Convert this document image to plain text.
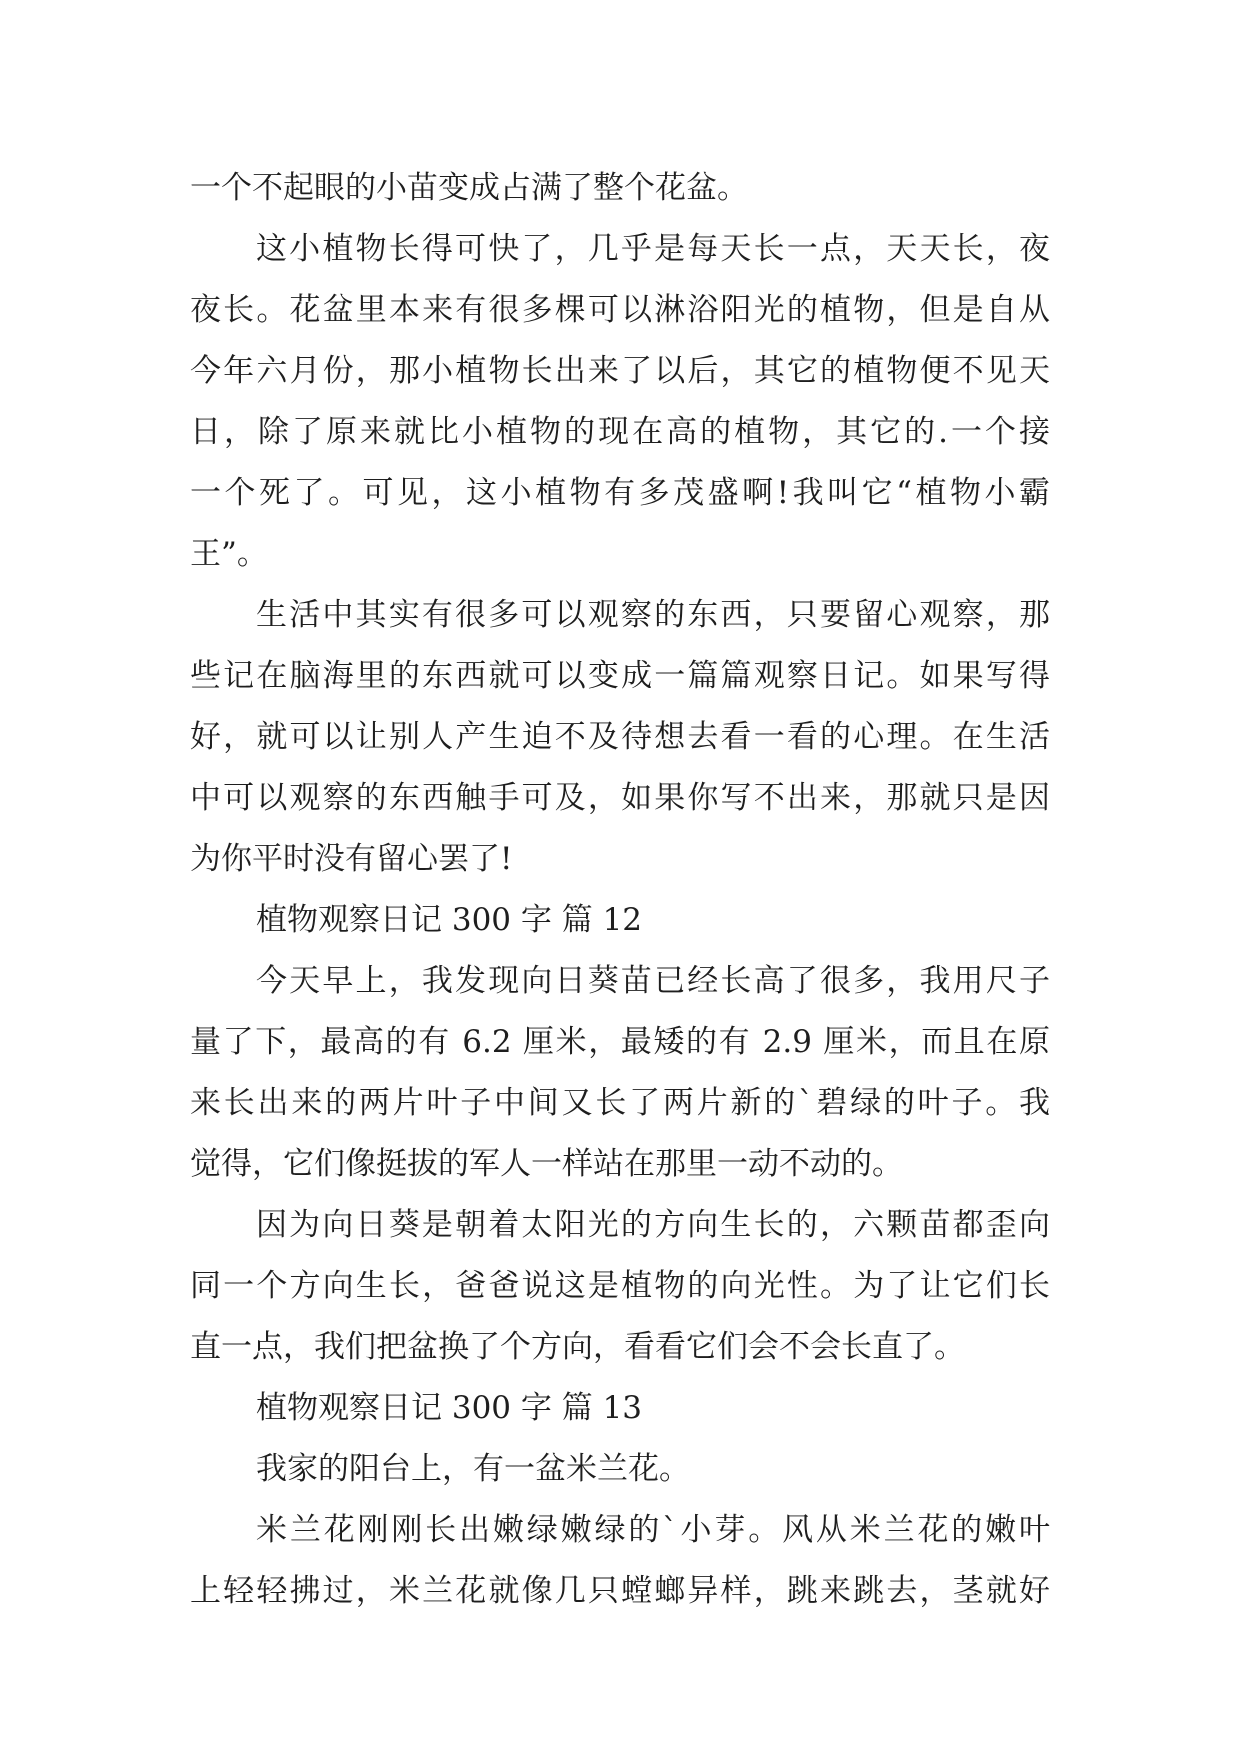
一个不起眼的小苗变成占满了整个花盆。
这小植物长得可快了，几乎是每天长一点，天天长，夜
夜长。花盆里本来有很多棵可以淋浴阳光的植物，但是自从
今年六月份，那小植物长出来了以后，其它的植物便不见天
日，除了原来就比小植物的现在高的植物，其它的.一个接
一个死了。可见，这小植物有多茂盛啊!我叫它“植物小霸
王”。
生活中其实有很多可以观察的东西，只要留心观察，那
些记在脑海里的东西就可以变成一篇篇观察日记。如果写得
好，就可以让别人产生迫不及待想去看一看的心理。在生活
中可以观察的东西触手可及，如果你写不出来，那就只是因
为你平时没有留心罢了!
植物观察日记 300 字 篇 12
今天早上，我发现向日葵苗已经长高了很多，我用尺子
量了下，最高的有 6.2 厘米，最矮的有 2.9 厘米，而且在原
来长出来的两片叶子中间又长了两片新的`碧绿的叶子。我
觉得，它们像挺拔的军人一样站在那里一动不动的。
因为向日葵是朝着太阳光的方向生长的，六颗苗都歪向
同一个方向生长，爸爸说这是植物的向光性。为了让它们长
直一点，我们把盆换了个方向，看看它们会不会长直了。
植物观察日记 300 字 篇 13
我家的阳台上，有一盆米兰花。
米兰花刚刚长出嫩绿嫩绿的`小芽。风从米兰花的嫩叶
上轻轻拂过，米兰花就像几只螳螂异样，跳来跳去，茎就好
